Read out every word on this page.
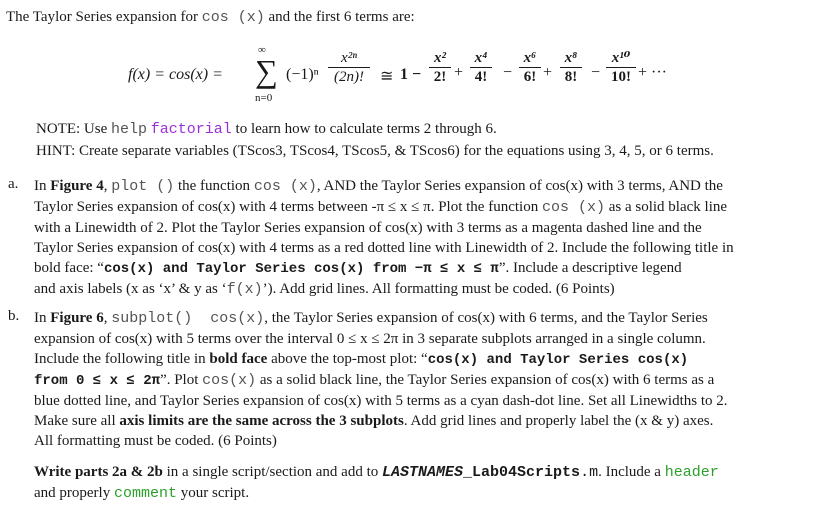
The Taylor Series expansion for cos (x) and the first 6 terms are:
f(x) = cos(x) =
∞
∑
n=0
(−1)ⁿ
x²ⁿ
(2n)!	≅ 1 −
x²
2! +
x⁴
4! −
x⁶
6! +
x⁸
8! −
x¹⁰
10! + ···
NOTE: Use help factorial to learn how to calculate terms 2 through 6.
HINT: Create separate variables (TScos3, TScos4, TScos5, & TScos6) for the equations using 3, 4, 5, or 6 terms.
a. In Figure 4, plot () the function cos (x), AND the Taylor Series expansion of cos(x) with 3 terms, AND the
Taylor Series expansion of cos(x) with 4 terms between -π ≤ x ≤ π. Plot the function cos (x) as a solid black line
with a Linewidth of 2. Plot the Taylor Series expansion of cos(x) with 3 terms as a magenta dashed line and the
Taylor Series expansion of cos(x) with 4 terms as a red dotted line with Linewidth of 2. Include the following title in
bold face: “cos(x) and Taylor Series cos(x) from −π ≤ x ≤ π”. Include a descriptive legend
and axis labels (x as ‘x’ & y as ‘f(x)’). Add grid lines. All formatting must be coded. (6 Points)
b. In Figure 6, subplot() cos(x), the Taylor Series expansion of cos(x) with 6 terms, and the Taylor Series
expansion of cos(x) with 5 terms over the interval 0 ≤ x ≤ 2π in 3 separate subplots arranged in a single column.
Include the following title in bold face above the top-most plot: “cos(x) and Taylor Series cos(x)
from 0 ≤ x ≤ 2π”. Plot cos(x) as a solid black line, the Taylor Series expansion of cos(x) with 6 terms as a
blue dotted line, and Taylor Series expansion of cos(x) with 5 terms as a cyan dash-dot line. Set all Linewidths to 2.
Make sure all axis limits are the same across the 3 subplots. Add grid lines and properly label the (x & y) axes.
All formatting must be coded. (6 Points)
Write parts 2a & 2b in a single script/section and add to LASTNAMES_Lab04Scripts.m. Include a header
and properly comment your script.
